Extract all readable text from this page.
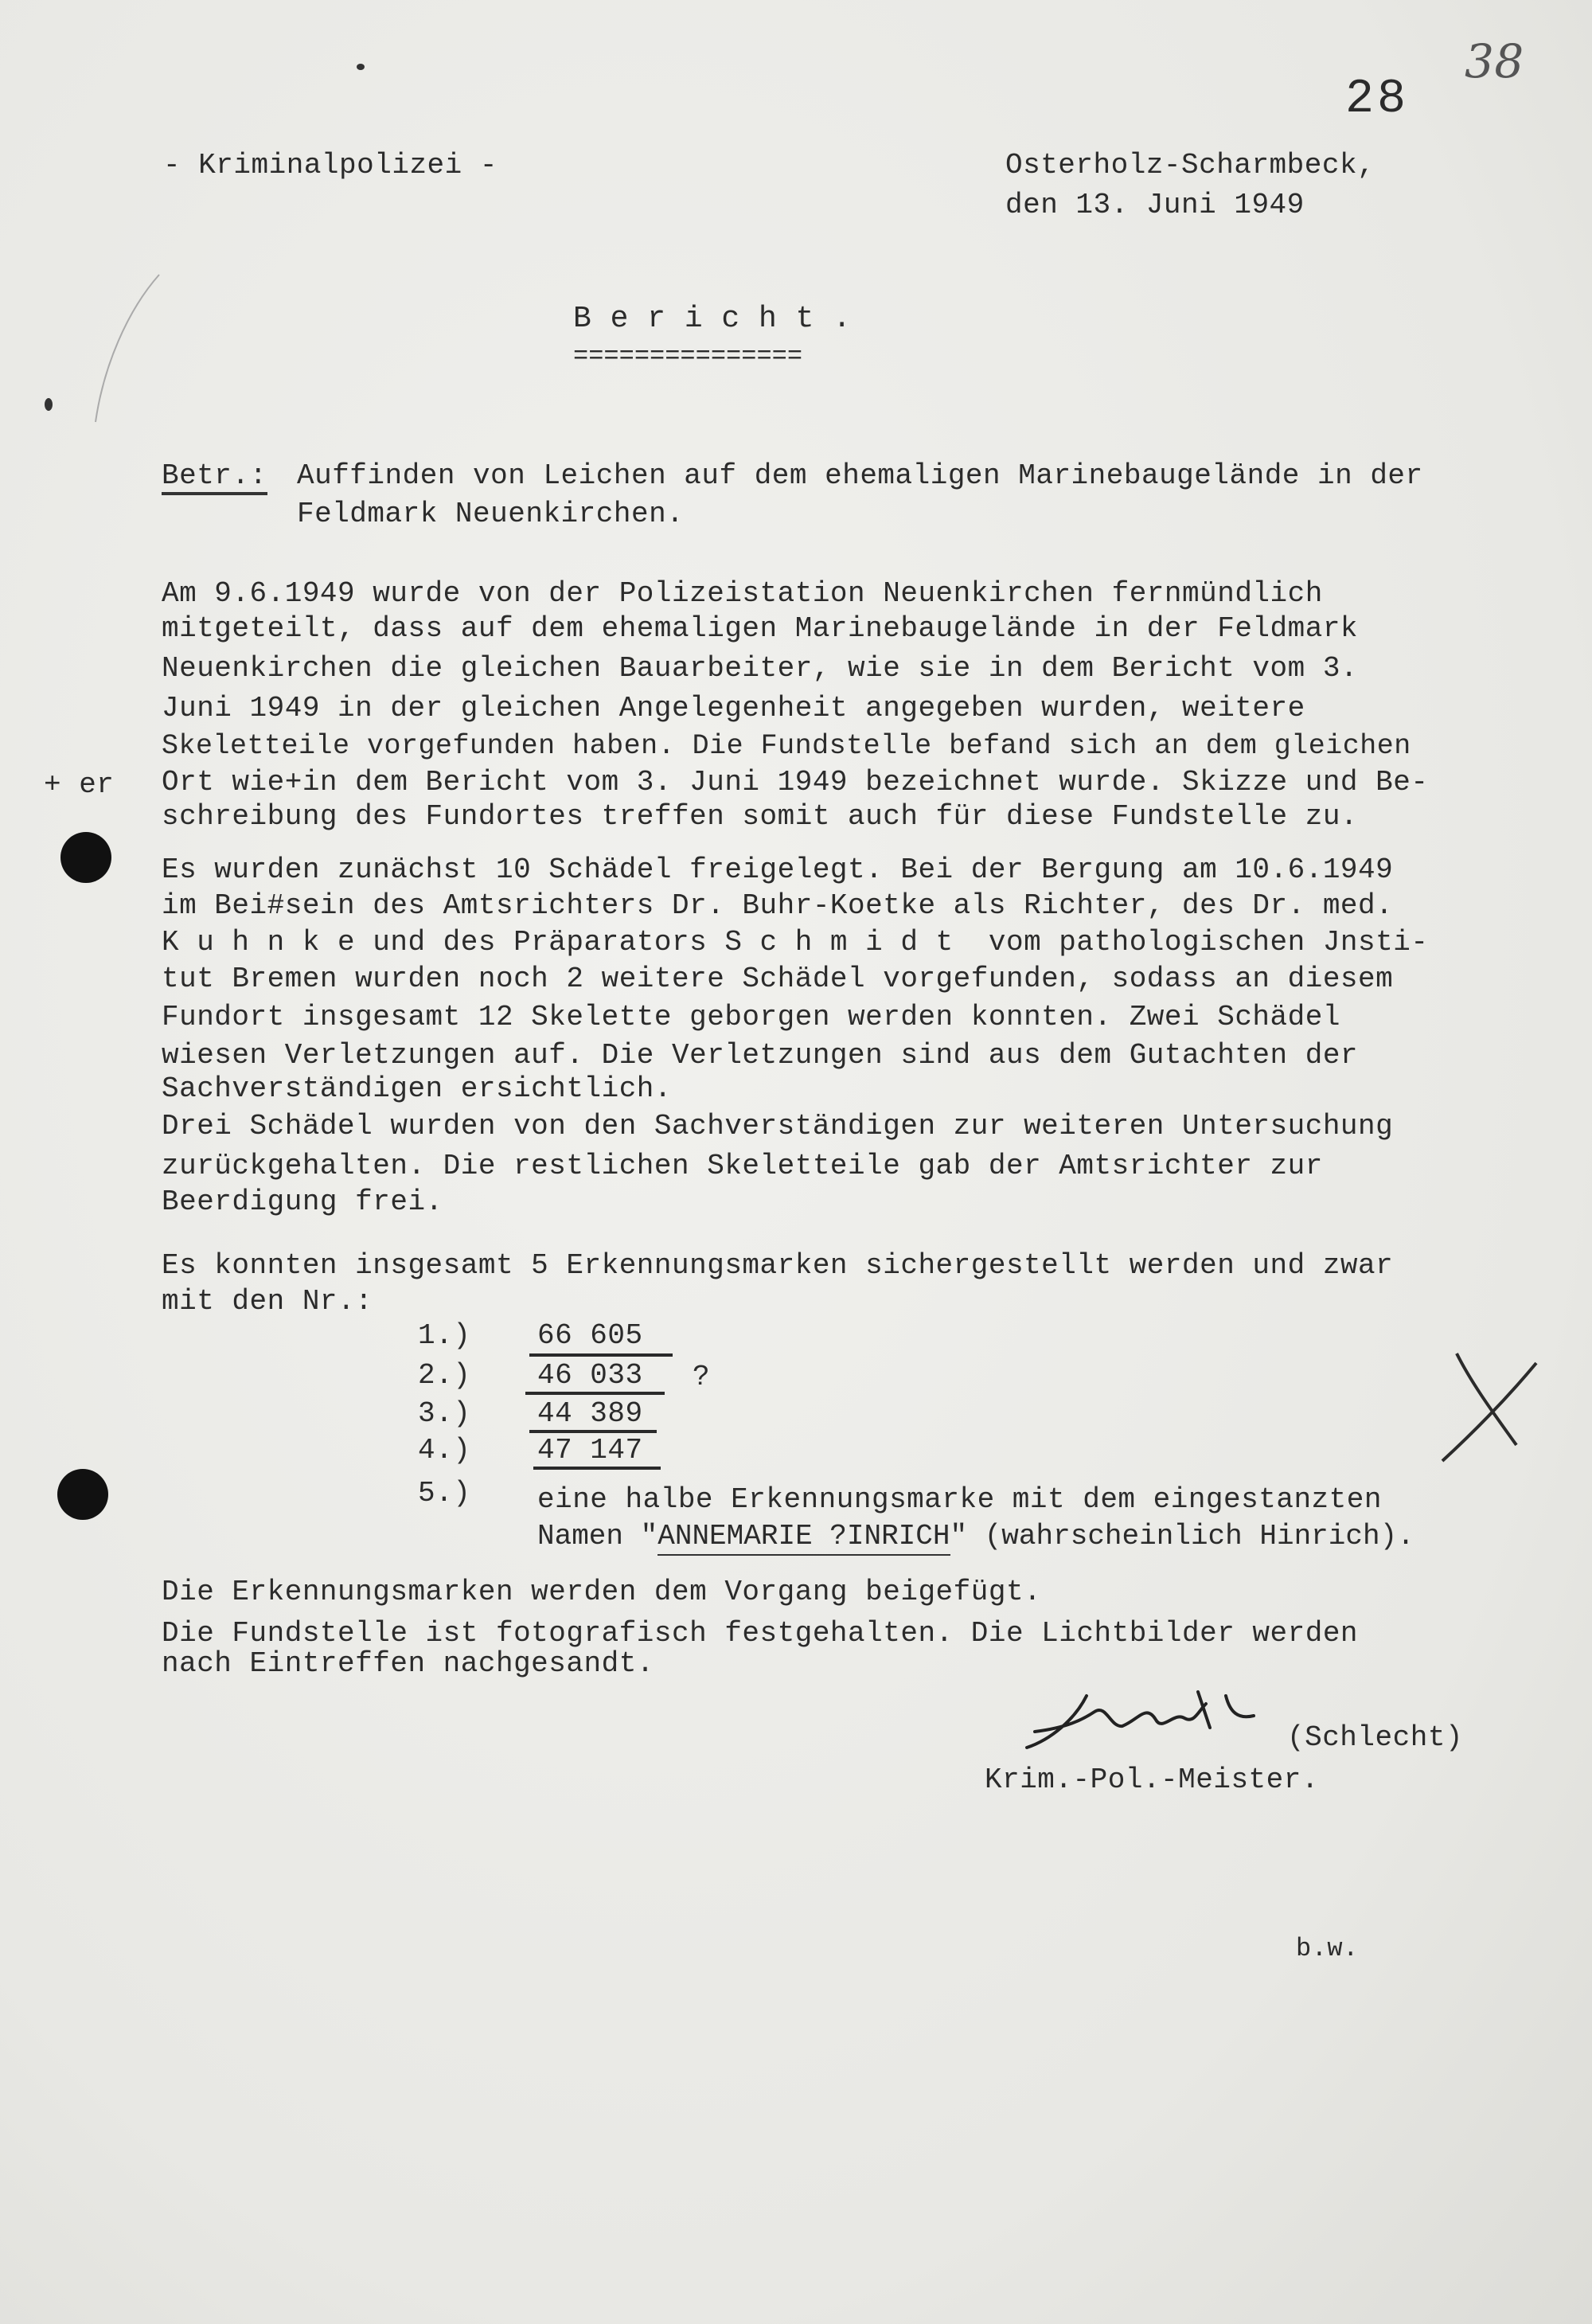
28
38
- Kriminalpolizei -	Osterholz-Scharmbeck,
den 13. Juni 1949
B e r i c h t .
===============
Betr.: Auffinden von Leichen auf dem ehemaligen Marinebaugelände in der
Feldmark Neuenkirchen.
+ er
Am 9.6.1949 wurde von der Polizeistation Neuenkirchen fernmündlich
mitgeteilt, dass auf dem ehemaligen Marinebaugelände in der Feldmark
Neuenkirchen die gleichen Bauarbeiter, wie sie in dem Bericht vom 3.
Juni 1949 in der gleichen Angelegenheit angegeben wurden, weitere
Skeletteile vorgefunden haben. Die Fundstelle befand sich an dem gleichen
Ort wie+in dem Bericht vom 3. Juni 1949 bezeichnet wurde. Skizze und Be-
schreibung des Fundortes treffen somit auch für diese Fundstelle zu.
Es wurden zunächst 10 Schädel freigelegt. Bei der Bergung am 10.6.1949
im Bei#sein des Amtsrichters Dr. Buhr-Koetke als Richter, des Dr. med.
K u h n k e und des Präparators S c h m i d t  vom pathologischen Jnsti-
tut Bremen wurden noch 2 weitere Schädel vorgefunden, sodass an diesem
Fundort insgesamt 12 Skelette geborgen werden konnten. Zwei Schädel
wiesen Verletzungen auf. Die Verletzungen sind aus dem Gutachten der
Sachverständigen ersichtlich.
Drei Schädel wurden von den Sachverständigen zur weiteren Untersuchung
zurückgehalten. Die restlichen Skeletteile gab der Amtsrichter zur
Beerdigung frei.
Es konnten insgesamt 5 Erkennungsmarken sichergestellt werden und zwar
mit den Nr.:
1.) 66 605
2.) 46 033 ?
3.) 44 389
4.) 47 147
5.) eine halbe Erkennungsmarke mit dem eingestanzten
Namen "ANNEMARIE ?INRICH" (wahrscheinlich Hinrich).
Die Erkennungsmarken werden dem Vorgang beigefügt.
Die Fundstelle ist fotografisch festgehalten. Die Lichtbilder werden
nach Eintreffen nachgesandt.
(Schlecht)
Krim.-Pol.-Meister.
b.w.
